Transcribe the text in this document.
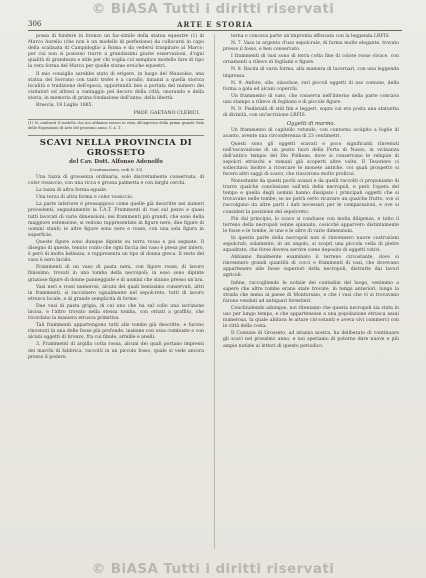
© BiASA Tutti i diritti riservati
306	ARTE E STORIA

possa di fondere in bronzo un fac-simile della statua equestre (1) di Marco Aurelio (che non è un modello di perfezione) da collocarsi in capo della scalinata di Campidoglio a Roma e da vedersi traspirare al Marco; per cui non si possono trarre a grandissimi giuste osservazioni, d'ogni qualità di grandezza e stile per chi voglia col semplice modello fare di tipo la vera forma del Marco per quelle statue eroiche equestri.

Il mio consiglio sarebbe stato di erigere, in luogo del Mausoleo, una statua del Sovrano con tanti trofei e a cavallo, innanzi a quella storica località e tradizione dell'epoca, opportunità ben a portata del numero dei visitatori ed altresì a vantaggio pel decoro della città, onorando e della storia, in memoria di prima fondazione dell'anno, della libertà.

Brescia, 18 Luglio 1885.

PROF. GAETANO CLERICI.
(1) Si confronti il modello che noi abbiamo messo in vista all'ingresso della prima grande Sala delle Esposizioni di Arte del prossimo anno, V. A. T.
SCAVI NELLA PROVINCIA DI GROSSETO
del Cav. Dott. Alfonso Adenolfo
(Continuazione, vedi N. 33)

Una tazza di grossezza ordinaria, solo discretamente conservata, di color rossiccio, con una ricca e grossa palmetta e con larghi cerchi.

La tazza di altra forma eguale.

Una terza di altra forma e color rossiccio.

La parte inferiore è pressappoco come quelle già descritte nei numeri precedenti; segnatamente la T.A.T. Frammenti di vasi sul pezzo e quasi tutti lavorati di varie dimensioni; nei frammenti più grandi, che sono della maggiore estensione, si vedono rappresentate in figure nere, due figure di uomini stanti; le altre figure sono nere e rosse, con una sola figura in superficie.

Queste figure sono dunque dipinte su terra rossa e poi segnate. Il disegno di queste, tenuto conto che ogni faccia del vaso è presa per intero, è però di molta bellezza, e rappresenta un tipo di donna greca. Il resto del vaso è nero lucido.

Frammenti di un vaso di pasta nera, con figure rosse, di lavoro finissimo, trovati in una tomba della necropoli; in esso sono dipinte graziose figure di donne panneggiate e di uomini che stanno presso un'ara.

Vasi neri e rossi numerosi, alcuni dei quali benissimo conservati, altri in frammenti, si raccolsero ugualmente nel sepolcreto, tutti di lavoro etrusco locale, e di grande semplicità di forme.

Due vasi di pasta grigia, di cui uno che ha sul collo una iscrizione incisa, e l'altro trovato nella stessa tomba, con ornati a graffito, che ricordano la maniera etrusca primitiva.

Tali frammenti appartengono tutti alle tombe già descritte, e furono rinvenuti in una delle fosse più profonde, insieme con ossa combuste e con alcuni oggetti di bronzo, fra cui fibule, armille e anelli.

3. Frammenti di argilla cotta rossa, alcuni dei quali portano impressi dei marchi di fabbrica, raccolti in un piccolo fosso, quale si vede ancora presso il podere.

terna o concava parte un'impronta affossata con la leggenda LRFIS.

N. 7. Vaso in argento d'uso sepolcrale, di forma molto elegante, trovato presso il fosso, e ben conservato.

I frammenti di vasi sono di terra cotta fine di colore rosso vivace, con ornamenti a rilievo di fogliami e figure.

N. 8. Bacini di varia forma, alla maniera di lucernari, con una leggenda impressa.

N. 9. Anfore, olle, oinochoe, rari piccoli oggetti di uso comune, della forma a gola ed alcuni coperchi.

Un frammento di vaso, che conserva nell'interno della parte concava uno stampo a rilievo di fogliami e di piccole figure.

N. 9. Piedistalli di stili fini e leggeri, sopra cui era posta una statuetta di divinità, con un'iscrizione LRFIS.

Oggetti di marmo.

Un frammento di capitello rotondo, con contorno scolpito a foglie di acanto, avente una circonferenza di 23 centimetri.

Questi sono gli oggetti scavati e poco significanti rinvenuti nell'escavazione di un pezzo fuori della Porta di Nasso, in vicinanza dell'antico tempio del Dio Pollione, dove si conservano le reliquie di sepolcri etruschi e romani già scoperti altre volte. Il Tesoriere ci sollecitava inoltre a ricercare le monete antiche, coi quali prospetto si fecero altri saggi di scavo, che riuscirono molto proficui.

Nonostante da questi pochi avanzi e da quelli raccolti ci proponiamo di trarre qualche conclusione sull'età della necropoli, e però l'opera del tempo e quella degli uomini hanno dissipato i principali oggetti che si trovavano nelle tombe; se ne potrà certo ricavare un qualche frutto, ove si raccolgano da altre parti i dati necessari per le comparazioni, e ove si consideri la posizione del sepolcreto.

Fin dal principio, lo scavo si condusse con molta diligenza, e tutto il terreno della necropoli venne spianato, cosicché apparvero distintamente le fosse e le tombe, le une e le altre di varie dimensioni.

In questa parte della necropoli non si rinvennero nuove costruzioni sepolcrali; solamente, in un angolo, si scoprì una piccola cella di pietre squadrate, che forse doveva servire come deposito di oggetti votivi.

Abbiamo finalmente esaminato il terreno circostante, dove si rinvennero grandi quantità di cocci e frammenti di vasi, che dovevano appartenere alle fosse superiori della necropoli, distrutte dai lavori agricoli.

Infine, raccogliendo le notizie dei contadini del luogo, venimmo a sapere che altre tombe erano state trovate, in tempi anteriori, lungo la strada che mena al paese di Montorsaio, e che i vasi che vi si trovavano furono venduti ad antiquari forestieri.

Conchiudendo adunque, noi riteniamo che questa necropoli sia stata in uso per lungo tempo, e che appartenesse a una popolazione etrusca assai numerosa, la quale abitava le alture circostanti e aveva vivi commerci con le città della costa.

Il Comune di Grosseto, ad istanza nostra, ha deliberato di continuare gli scavi nel prossimo anno, e noi speriamo di poterne dare nuove e più ampie notizie ai lettori di questo periodico.

© BiASA Tutti i diritti riservati
